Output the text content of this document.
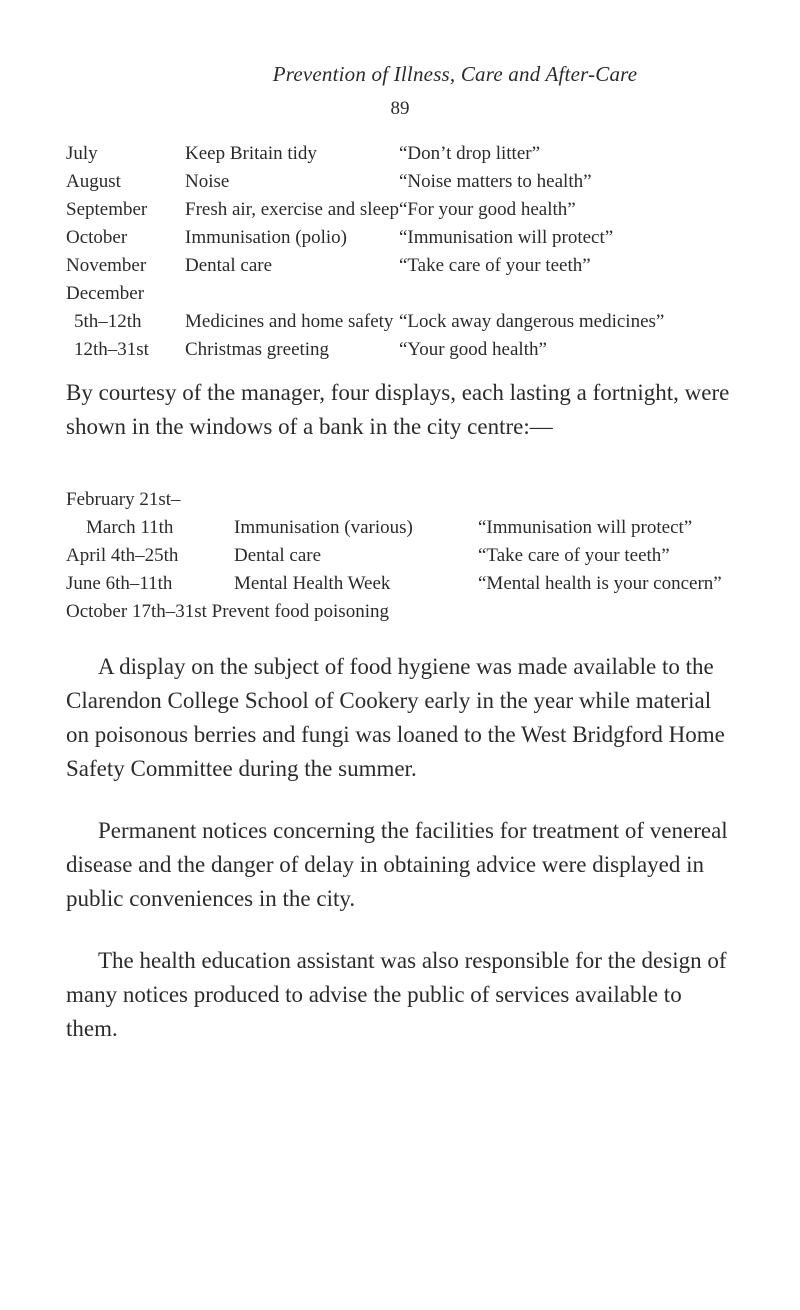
Prevention of Illness, Care and After-Care
89
July	Keep Britain tidy	“Don’t drop litter”
August	Noise	“Noise matters to health”
September	Fresh air, exercise and sleep	“For your good health”
October	Immunisation (polio)	“Immunisation will protect”
November	Dental care	“Take care of your teeth”
December		
5th–12th	Medicines and home safety	“Lock away dangerous medicines”
12th–31st	Christmas greeting	“Your good health”

By courtesy of the manager, four displays, each lasting a fortnight, were shown in the windows of a bank in the city centre:—

February 21st–		
March 11th	Immunisation (various)	“Immunisation will protect”
April 4th–25th	Dental care	“Take care of your teeth”
June 6th–11th	Mental Health Week	“Mental health is your concern”
October 17th–31st Prevent food poisoning		

A display on the subject of food hygiene was made available to the Clarendon College School of Cookery early in the year while material on poisonous berries and fungi was loaned to the West Bridgford Home Safety Committee during the summer.

Permanent notices concerning the facilities for treatment of venereal disease and the danger of delay in obtaining advice were displayed in public conveniences in the city.

The health education assistant was also responsible for the design of many notices produced to advise the public of services available to them.
